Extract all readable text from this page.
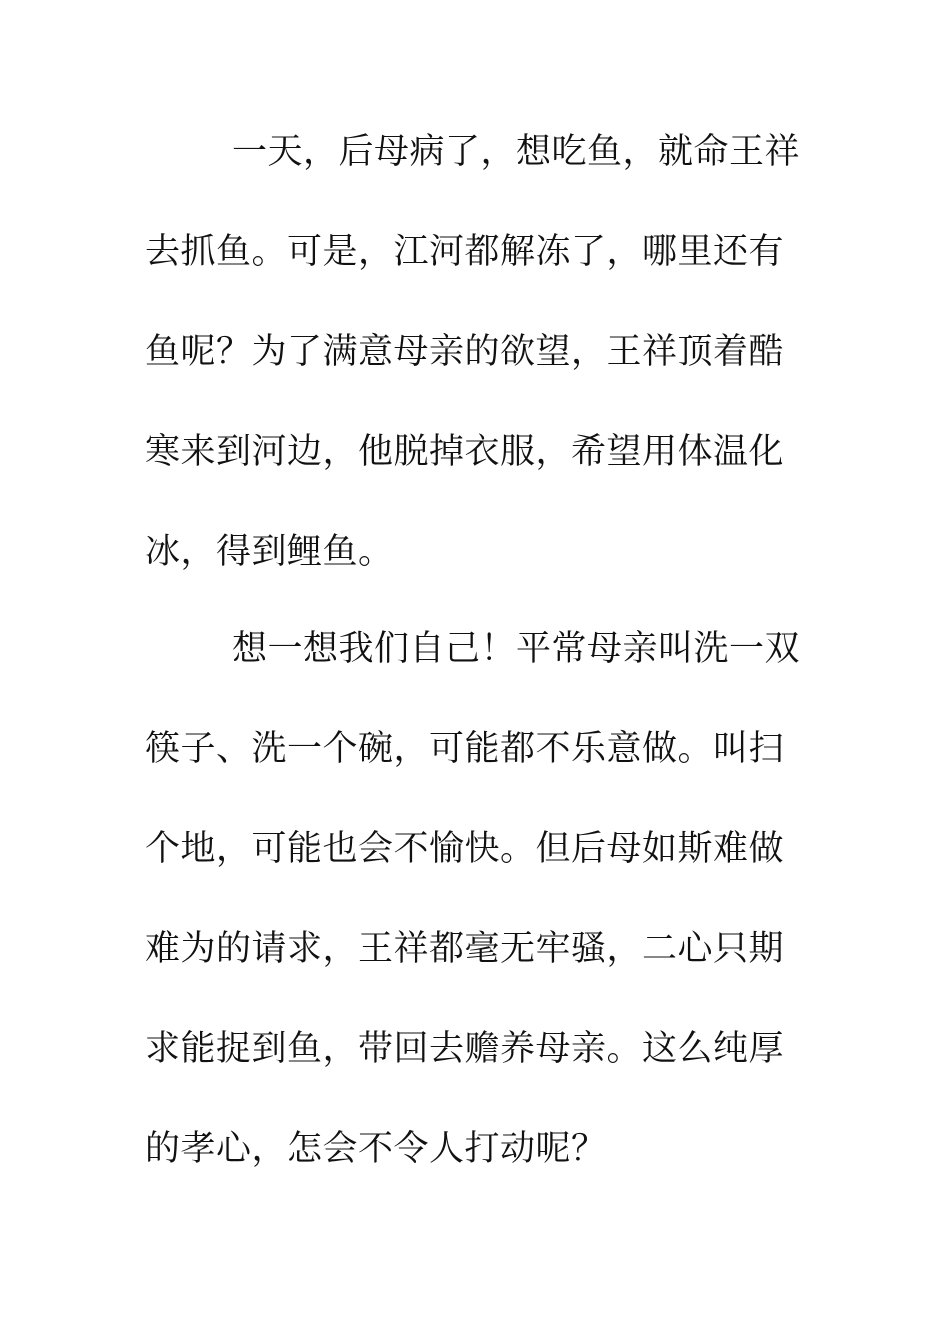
一天，后母病了，想吃鱼，就命王祥
去抓鱼。可是，江河都解冻了，哪里还有
鱼呢？为了满意母亲的欲望，王祥顶着酷
寒来到河边，他脱掉衣服，希望用体温化
冰，得到鲤鱼。
想一想我们自己！平常母亲叫洗一双
筷子、洗一个碗，可能都不乐意做。叫扫
个地，可能也会不愉快。但后母如斯难做
难为的请求，王祥都毫无牢骚，二心只期
求能捉到鱼，带回去赡养母亲。这么纯厚
的孝心，怎会不令人打动呢？
